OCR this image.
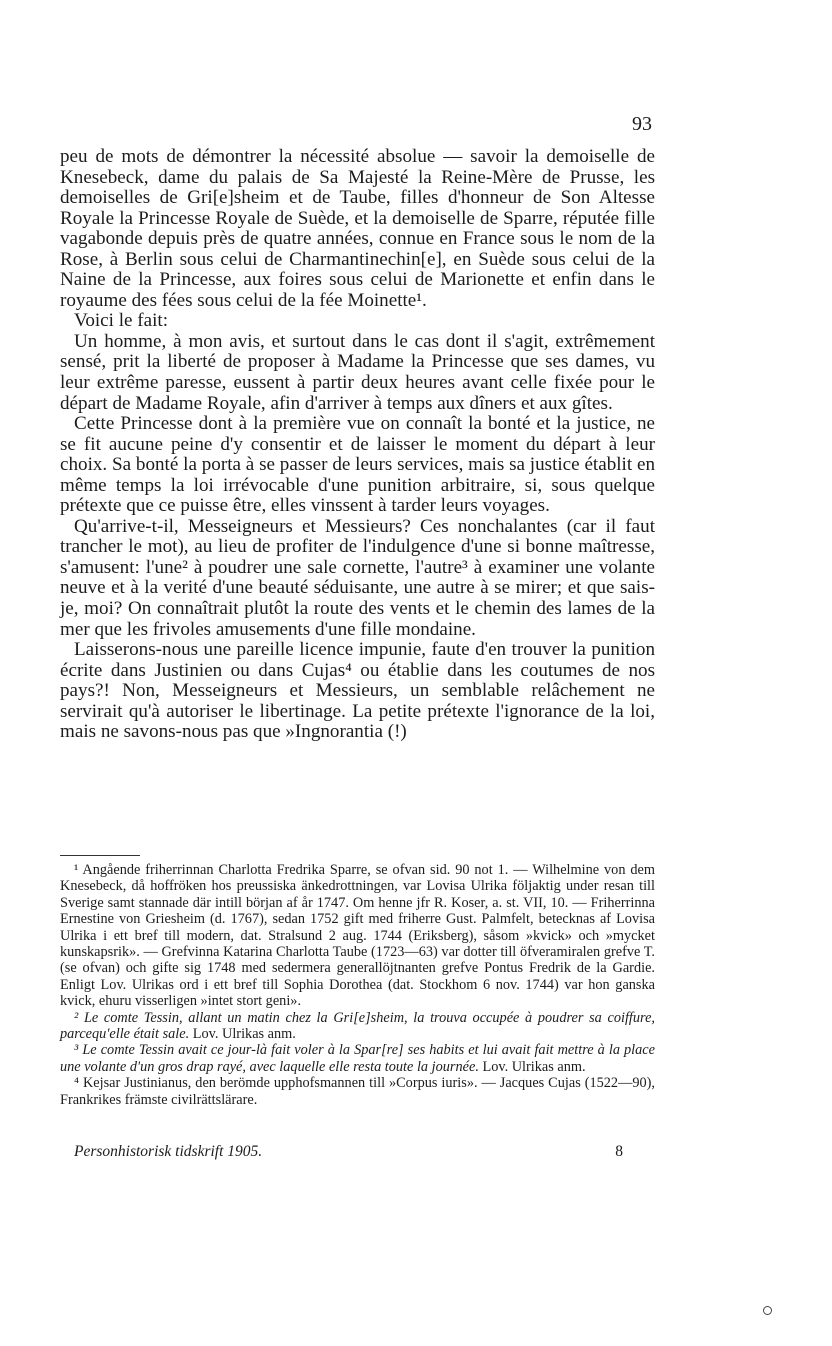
93

peu de mots de démontrer la nécessité absolue — savoir la demoiselle de Knesebeck, dame du palais de Sa Majesté la Reine-Mère de Prusse, les demoiselles de Gri[e]sheim et de Taube, filles d'honneur de Son Altesse Royale la Princesse Royale de Suède, et la demoiselle de Sparre, réputée fille vagabonde depuis près de quatre années, connue en France sous le nom de la Rose, à Berlin sous celui de Charmantinechin[e], en Suède sous celui de la Naine de la Princesse, aux foires sous celui de Marionette et enfin dans le royaume des fées sous celui de la fée Moinette¹.

Voici le fait:

Un homme, à mon avis, et surtout dans le cas dont il s'agit, extrêmement sensé, prit la liberté de proposer à Madame la Princesse que ses dames, vu leur extrême paresse, eussent à partir deux heures avant celle fixée pour le départ de Madame Royale, afin d'arriver à temps aux dîners et aux gîtes.

Cette Princesse dont à la première vue on connaît la bonté et la justice, ne se fit aucune peine d'y consentir et de laisser le moment du départ à leur choix. Sa bonté la porta à se passer de leurs services, mais sa justice établit en même temps la loi irrévocable d'une punition arbitraire, si, sous quelque prétexte que ce puisse être, elles vinssent à tarder leurs voyages.

Qu'arrive-t-il, Messeigneurs et Messieurs? Ces nonchalantes (car il faut trancher le mot), au lieu de profiter de l'indulgence d'une si bonne maîtresse, s'amusent: l'une² à poudrer une sale cornette, l'autre³ à examiner une volante neuve et à la verité d'une beauté séduisante, une autre à se mirer; et que sais-je, moi? On connaîtrait plutôt la route des vents et le chemin des lames de la mer que les frivoles amusements d'une fille mondaine.

Laisserons-nous une pareille licence impunie, faute d'en trouver la punition écrite dans Justinien ou dans Cujas⁴ ou établie dans les coutumes de nos pays?! Non, Messeigneurs et Messieurs, un semblable relâchement ne servirait qu'à autoriser le libertinage. La petite prétexte l'ignorance de la loi, mais ne savons-nous pas que »Ingnorantia (!)

¹ Angående friherrinnan Charlotta Fredrika Sparre, se ofvan sid. 90 not 1. — Wilhelmine von dem Knesebeck, då hoffröken hos preussiska änkedrottningen, var Lovisa Ulrika följaktig under resan till Sverige samt stannade där intill början af år 1747. Om henne jfr R. Koser, a. st. VII, 10. — Friherrinna Ernestine von Griesheim (d. 1767), sedan 1752 gift med friherre Gust. Palmfelt, betecknas af Lovisa Ulrika i ett bref till modern, dat. Stralsund 2 aug. 1744 (Eriksberg), såsom »kvick» och »mycket kunskapsrik». — Grefvinna Katarina Charlotta Taube (1723—63) var dotter till öfveramiralen grefve T. (se ofvan) och gifte sig 1748 med sedermera generallöjtnanten grefve Pontus Fredrik de la Gardie. Enligt Lov. Ulrikas ord i ett bref till Sophia Dorothea (dat. Stockhom 6 nov. 1744) var hon ganska kvick, ehuru visserligen »intet stort geni».

² Le comte Tessin, allant un matin chez la Gri[e]sheim, la trouva occupée à poudrer sa coiffure, parcequ'elle était sale. Lov. Ulrikas anm.

³ Le comte Tessin avait ce jour-là fait voler à la Spar[re] ses habits et lui avait fait mettre à la place une volante d'un gros drap rayé, avec laquelle elle resta toute la journée. Lov. Ulrikas anm.

⁴ Kejsar Justinianus, den berömde upphofsmannen till »Corpus iuris». — Jacques Cujas (1522—90), Frankrikes främste civilrättslärare.

Personhistorisk tidskrift 1905.	8
